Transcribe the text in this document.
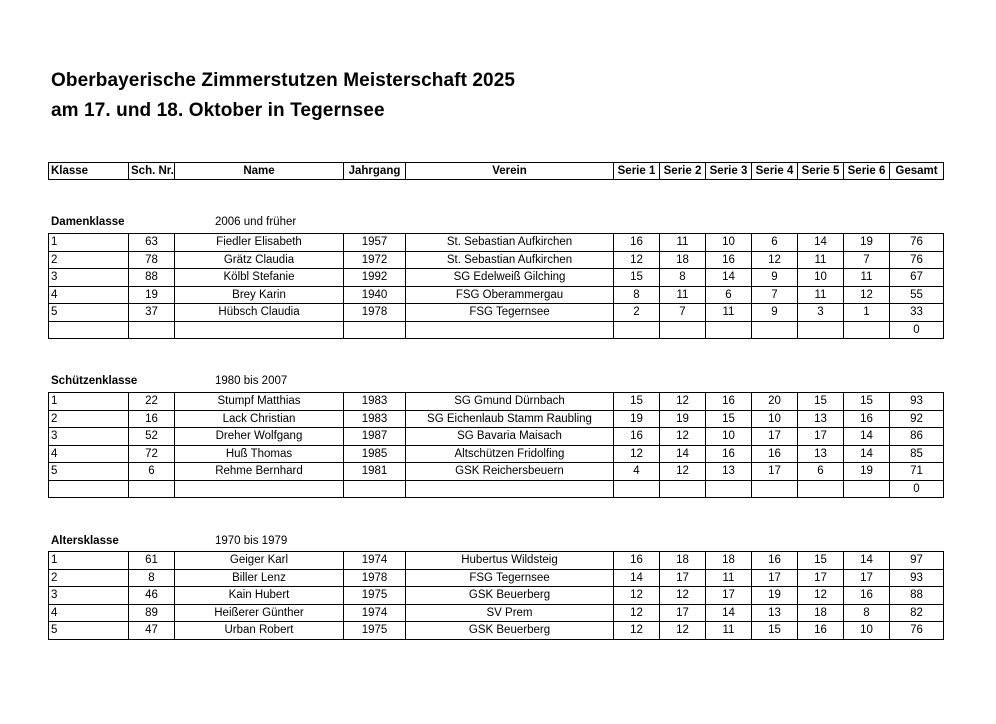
Oberbayerische Zimmerstutzen Meisterschaft 2025
am 17. und 18. Oktober in Tegernsee
Klasse	Sch. Nr.	Name	Jahrgang	Verein	Serie 1	Serie 2	Serie 3	Serie 4	Serie 5	Serie 6	Gesamt
Damenklasse	2006 und früher
1	63	Fiedler Elisabeth	1957	St. Sebastian Aufkirchen	16	11	10	6	14	19	76
2	78	Grätz Claudia	1972	St. Sebastian Aufkirchen	12	18	16	12	11	7	76
3	88	Kölbl Stefanie	1992	SG Edelweiß Gilching	15	8	14	9	10	11	67
4	19	Brey Karin	1940	FSG Oberammergau	8	11	6	7	11	12	55
5	37	Hübsch Claudia	1978	FSG Tegernsee	2	7	11	9	3	1	33
											0
Schützenklasse	1980 bis 2007
1	22	Stumpf Matthias	1983	SG Gmund Dürnbach	15	12	16	20	15	15	93
2	16	Lack Christian	1983	SG Eichenlaub Stamm Raubling	19	19	15	10	13	16	92
3	52	Dreher Wolfgang	1987	SG Bavaria Maisach	16	12	10	17	17	14	86
4	72	Huß Thomas	1985	Altschützen Fridolfing	12	14	16	16	13	14	85
5	6	Rehme Bernhard	1981	GSK Reichersbeuern	4	12	13	17	6	19	71
											0
Altersklasse	1970 bis 1979
1	61	Geiger Karl	1974	Hubertus Wildsteig	16	18	18	16	15	14	97
2	8	Biller Lenz	1978	FSG Tegernsee	14	17	11	17	17	17	93
3	46	Kain Hubert	1975	GSK Beuerberg	12	12	17	19	12	16	88
4	89	Heißerer Günther	1974	SV Prem	12	17	14	13	18	8	82
5	47	Urban Robert	1975	GSK Beuerberg	12	12	11	15	16	10	76
